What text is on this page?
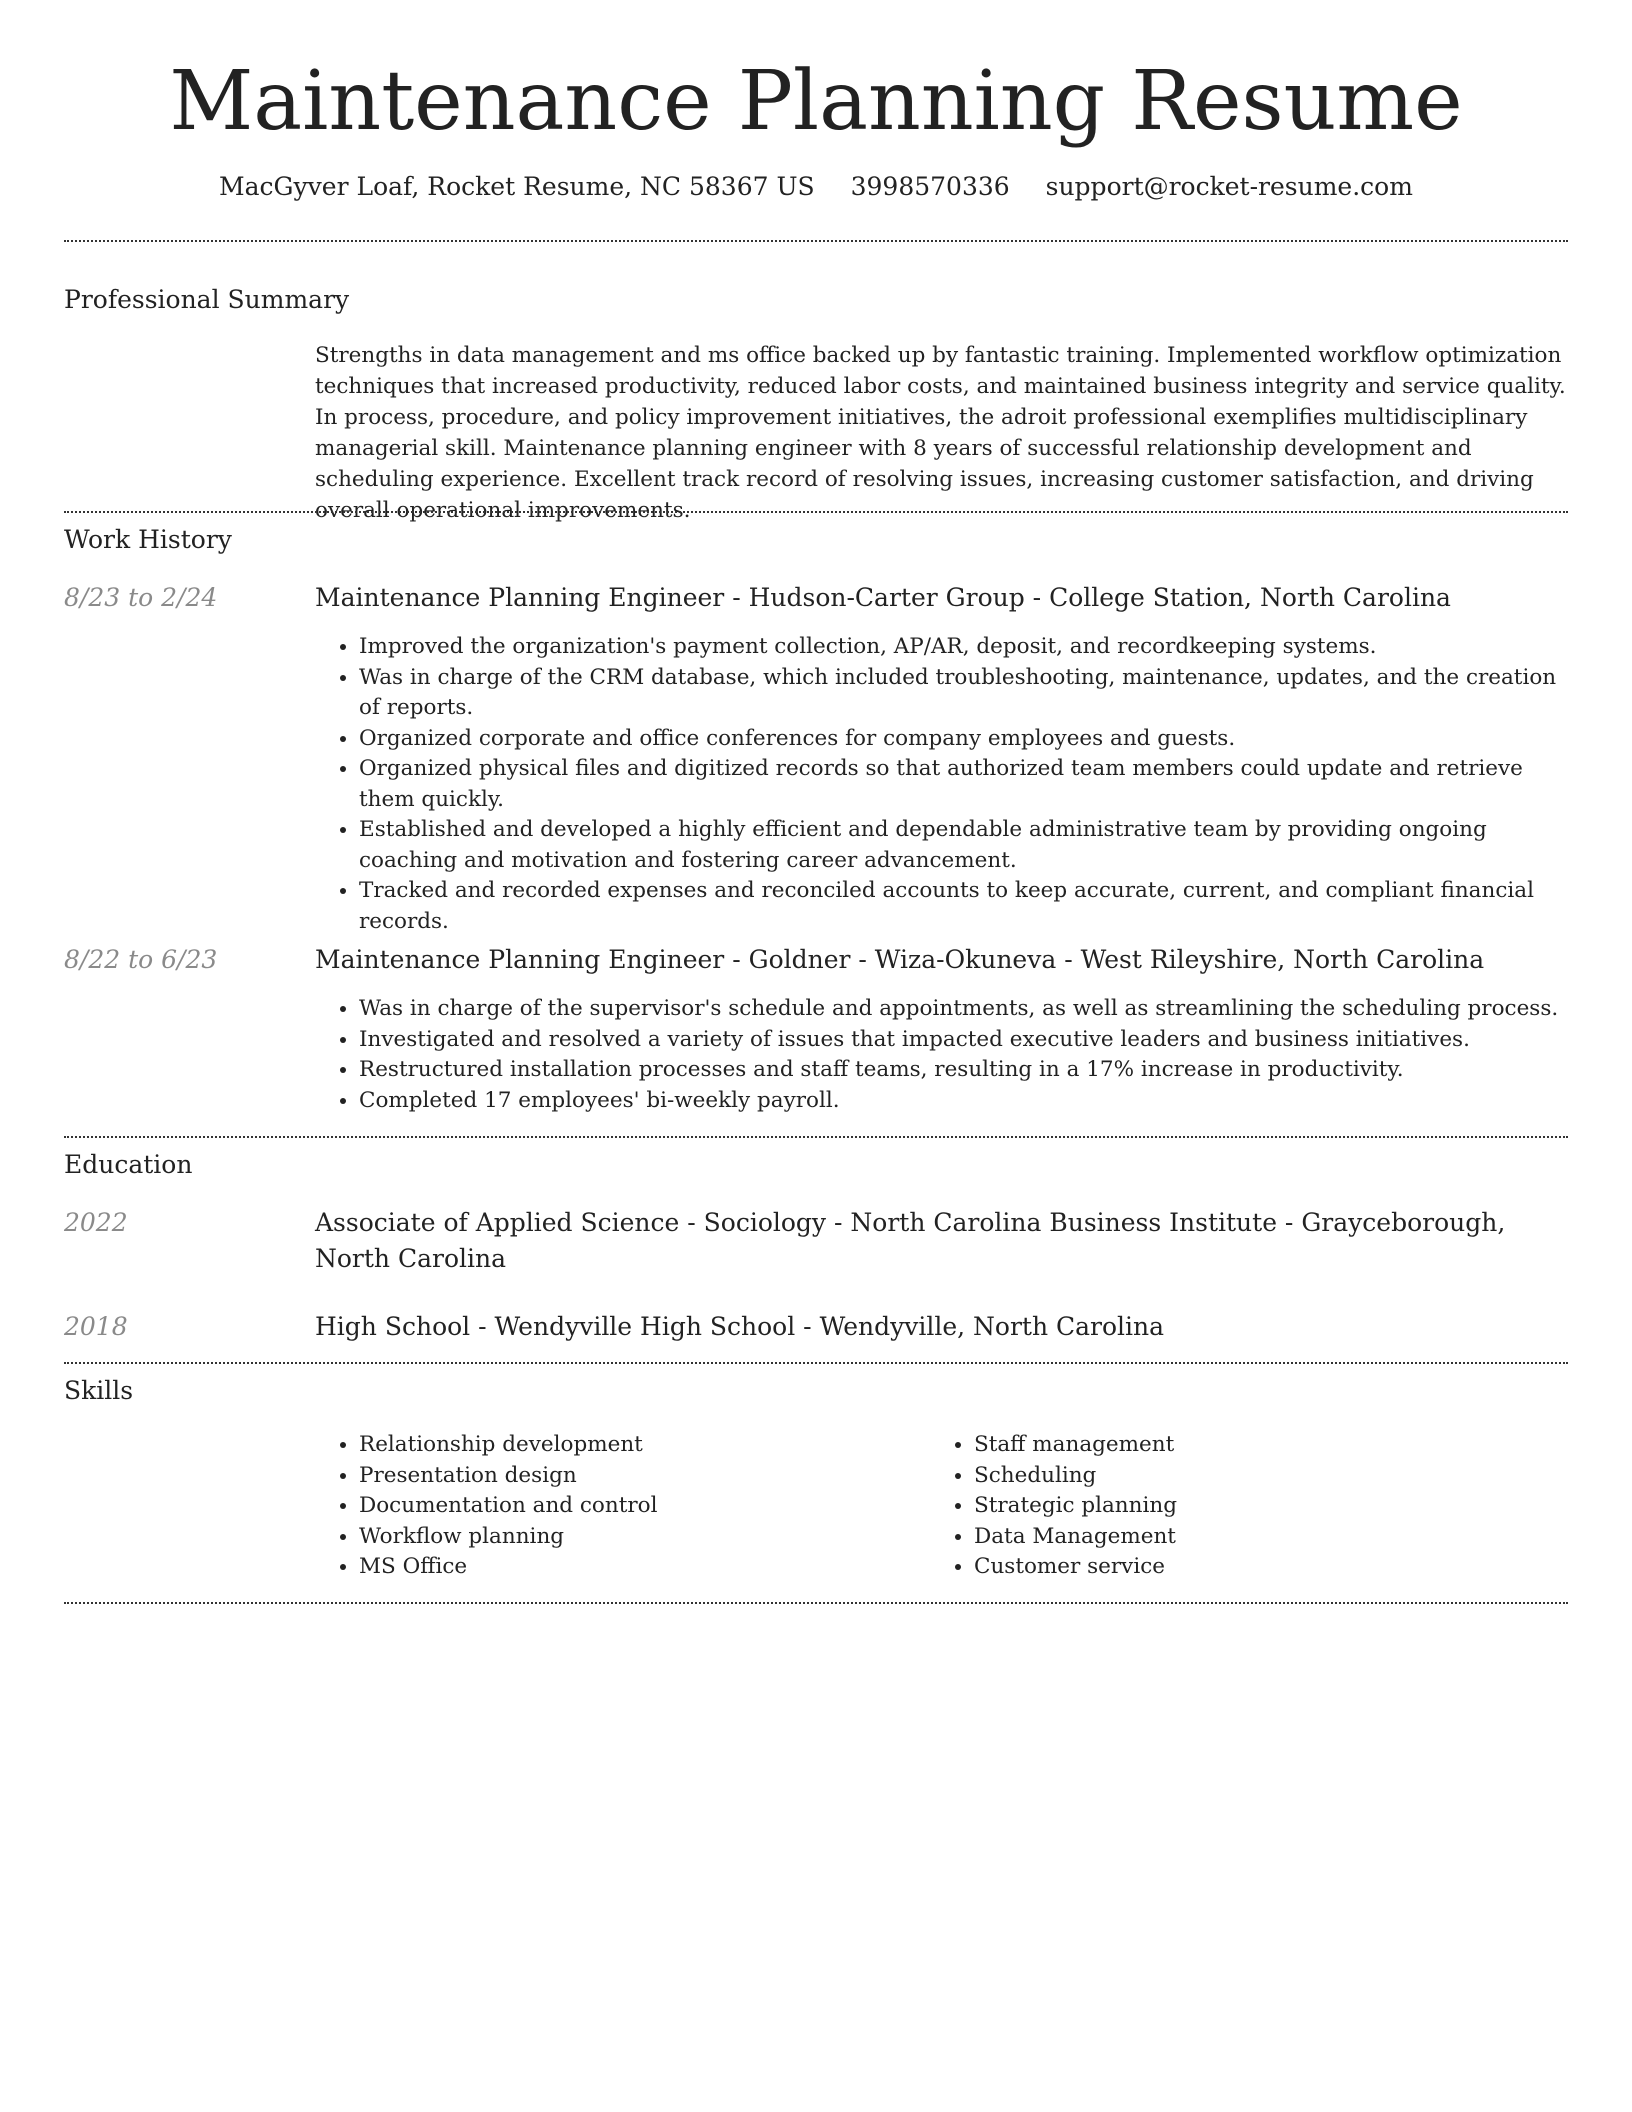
Maintenance Planning Resume
MacGyver Loaf, Rocket Resume, NC 58367 US 3998570336 support@rocket-resume.com
Professional Summary
Strengths in data management and ms office backed up by fantastic training. Implemented workflow optimization techniques that increased productivity, reduced labor costs, and maintained business integrity and service quality. In process, procedure, and policy improvement initiatives, the adroit professional exemplifies multidisciplinary managerial skill. Maintenance planning engineer with 8 years of successful relationship development and scheduling experience. Excellent track record of resolving issues, increasing customer satisfaction, and driving overall operational improvements.
Work History
8/23 to 2/24	Maintenance Planning Engineer - Hudson-Carter Group - College Station, North Carolina
• Improved the organization's payment collection, AP/AR, deposit, and recordkeeping systems.
• Was in charge of the CRM database, which included troubleshooting, maintenance, updates, and the creation of reports.
• Organized corporate and office conferences for company employees and guests.
• Organized physical files and digitized records so that authorized team members could update and retrieve them quickly.
• Established and developed a highly efficient and dependable administrative team by providing ongoing coaching and motivation and fostering career advancement.
• Tracked and recorded expenses and reconciled accounts to keep accurate, current, and compliant financial records.
8/22 to 6/23	Maintenance Planning Engineer - Goldner - Wiza-Okuneva - West Rileyshire, North Carolina
• Was in charge of the supervisor's schedule and appointments, as well as streamlining the scheduling process.
• Investigated and resolved a variety of issues that impacted executive leaders and business initiatives.
• Restructured installation processes and staff teams, resulting in a 17% increase in productivity.
• Completed 17 employees' bi-weekly payroll.
Education
2022	Associate of Applied Science - Sociology - North Carolina Business Institute - Grayceborough, North Carolina
2018	High School - Wendyville High School - Wendyville, North Carolina
Skills
• Relationship development
• Presentation design
• Documentation and control
• Workflow planning
• MS Office
• Staff management
• Scheduling
• Strategic planning
• Data Management
• Customer service
